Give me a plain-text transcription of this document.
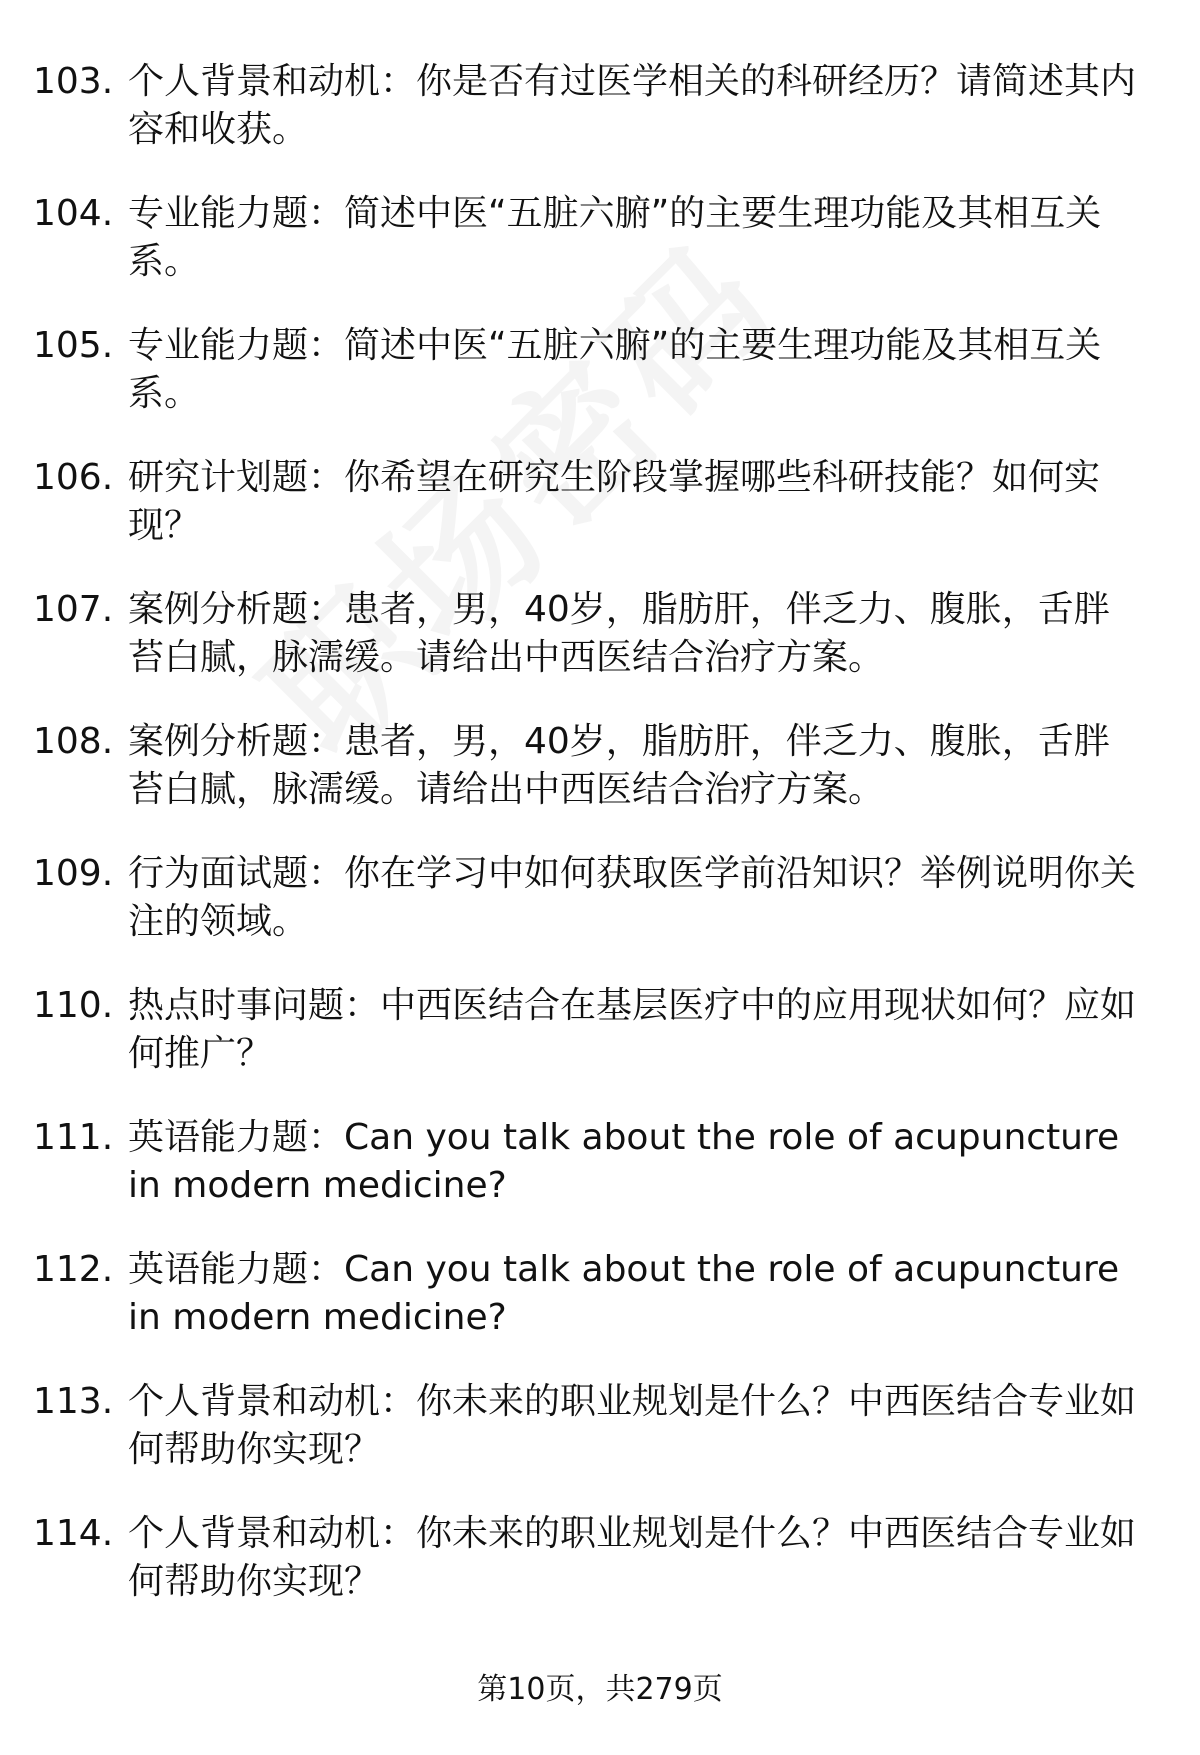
103. 个人背景和动机：你是否有过医学相关的科研经历？请简述其内容和收获。
104. 专业能力题：简述中医“五脏六腑”的主要生理功能及其相互关系。
105. 专业能力题：简述中医“五脏六腑”的主要生理功能及其相互关系。
106. 研究计划题：你希望在研究生阶段掌握哪些科研技能？如何实现？
107. 案例分析题：患者，男，40岁，脂肪肝，伴乏力、腹胀，舌胖苔白腻，脉濡缓。请给出中西医结合治疗方案。
108. 案例分析题：患者，男，40岁，脂肪肝，伴乏力、腹胀，舌胖苔白腻，脉濡缓。请给出中西医结合治疗方案。
109. 行为面试题：你在学习中如何获取医学前沿知识？举例说明你关注的领域。
110. 热点时事问题：中西医结合在基层医疗中的应用现状如何？应如何推广？
111. 英语能力题：Can you talk about the role of acupuncture in modern medicine?
112. 英语能力题：Can you talk about the role of acupuncture in modern medicine?
113. 个人背景和动机：你未来的职业规划是什么？中西医结合专业如何帮助你实现？
114. 个人背景和动机：你未来的职业规划是什么？中西医结合专业如何帮助你实现？
第10页，共279页
